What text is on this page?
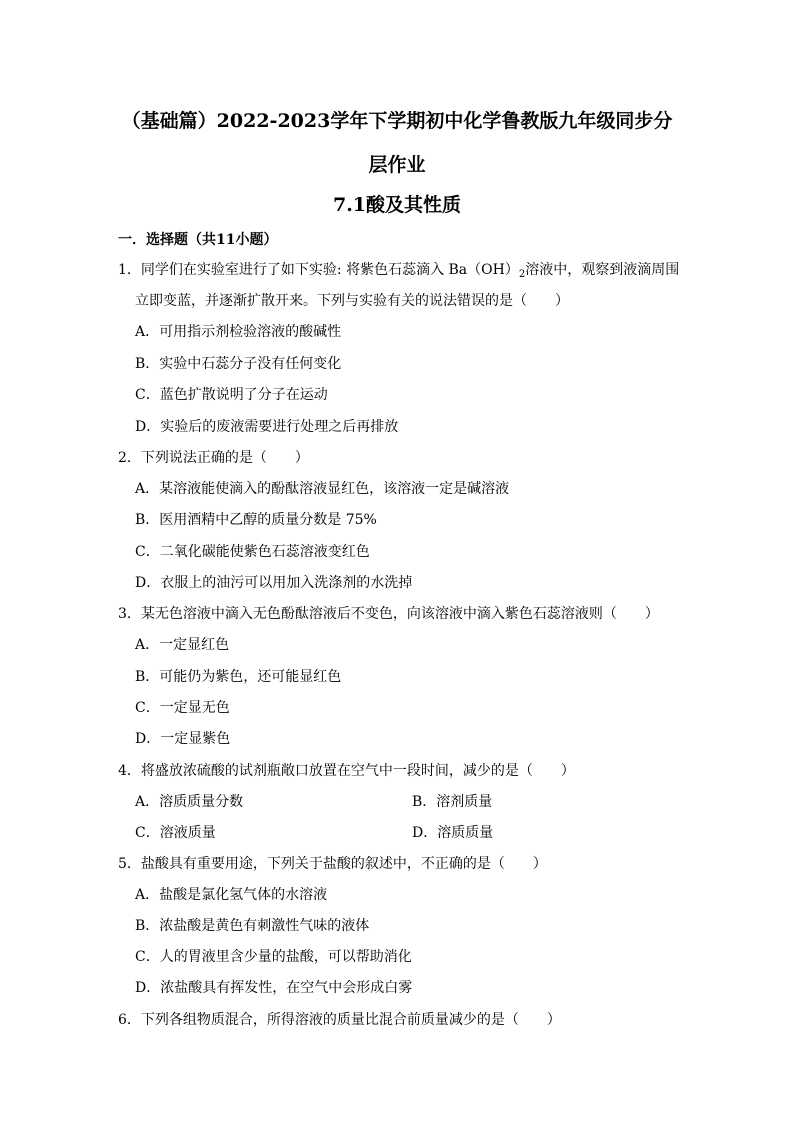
（基础篇）2022-2023学年下学期初中化学鲁教版九年级同步分
层作业
7.1酸及其性质
一．选择题（共11小题）
1．同学们在实验室进行了如下实验: 将紫色石蕊滴入 $Ba(OH)_2$溶液中，观察到液滴周围
立即变蓝，并逐渐扩散开来。下列与实验有关的说法错误的是（　　）
A．可用指示剂检验溶液的酸碱性
B．实验中石蕊分子没有任何变化
C．蓝色扩散说明了分子在运动
D．实验后的废液需要进行处理之后再排放
2．下列说法正确的是（　　）
A．某溶液能使滴入的酚酞溶液显红色，该溶液一定是碱溶液
B．医用酒精中乙醇的质量分数是 75%
C．二氧化碳能使紫色石蕊溶液变红色
D．衣服上的油污可以用加入洗涤剂的水洗掉
3．某无色溶液中滴入无色酚酞溶液后不变色，向该溶液中滴入紫色石蕊溶液则（　　）
A．一定显红色
B．可能仍为紫色，还可能显红色
C．一定显无色
D．一定显紫色
4．将盛放浓硫酸的试剂瓶敞口放置在空气中一段时间，减少的是（　　）
A．溶质质量分数	B．溶剂质量
C．溶液质量	D．溶质质量
5．盐酸具有重要用途，下列关于盐酸的叙述中，不正确的是（　　）
A．盐酸是氯化氢气体的水溶液
B．浓盐酸是黄色有刺激性气味的液体
C．人的胃液里含少量的盐酸，可以帮助消化
D．浓盐酸具有挥发性，在空气中会形成白雾
6．下列各组物质混合，所得溶液的质量比混合前质量减少的是（　　）
